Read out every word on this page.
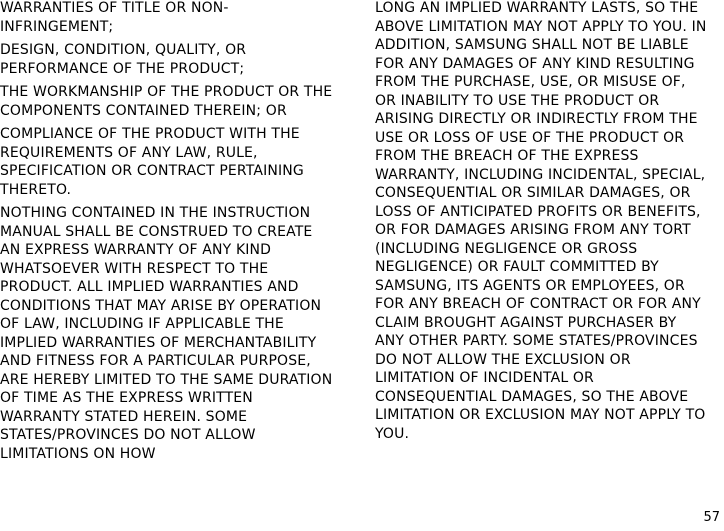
WARRANTIES OF TITLE OR NON-INFRINGEMENT;

DESIGN, CONDITION, QUALITY, OR PERFORMANCE OF THE PRODUCT;

THE WORKMANSHIP OF THE PRODUCT OR THE COMPONENTS CONTAINED THEREIN; OR

COMPLIANCE OF THE PRODUCT WITH THE REQUIREMENTS OF ANY LAW, RULE, SPECIFICATION OR CONTRACT PERTAINING THERETO.

NOTHING CONTAINED IN THE INSTRUCTION MANUAL SHALL BE CONSTRUED TO CREATE AN EXPRESS WARRANTY OF ANY KIND WHATSOEVER WITH RESPECT TO THE PRODUCT. ALL IMPLIED WARRANTIES AND CONDITIONS THAT MAY ARISE BY OPERATION OF LAW, INCLUDING IF APPLICABLE THE IMPLIED WARRANTIES OF MERCHANTABILITY AND FITNESS FOR A PARTICULAR PURPOSE, ARE HEREBY LIMITED TO THE SAME DURATION OF TIME AS THE EXPRESS WRITTEN WARRANTY STATED HEREIN. SOME STATES/PROVINCES DO NOT ALLOW LIMITATIONS ON HOW

LONG AN IMPLIED WARRANTY LASTS, SO THE ABOVE LIMITATION MAY NOT APPLY TO YOU. IN ADDITION, SAMSUNG SHALL NOT BE LIABLE FOR ANY DAMAGES OF ANY KIND RESULTING FROM THE PURCHASE, USE, OR MISUSE OF, OR INABILITY TO USE THE PRODUCT OR ARISING DIRECTLY OR INDIRECTLY FROM THE USE OR LOSS OF USE OF THE PRODUCT OR FROM THE BREACH OF THE EXPRESS WARRANTY, INCLUDING INCIDENTAL, SPECIAL, CONSEQUENTIAL OR SIMILAR DAMAGES, OR LOSS OF ANTICIPATED PROFITS OR BENEFITS, OR FOR DAMAGES ARISING FROM ANY TORT (INCLUDING NEGLIGENCE OR GROSS NEGLIGENCE) OR FAULT COMMITTED BY SAMSUNG, ITS AGENTS OR EMPLOYEES, OR FOR ANY BREACH OF CONTRACT OR FOR ANY CLAIM BROUGHT AGAINST PURCHASER BY ANY OTHER PARTY. SOME STATES/PROVINCES DO NOT ALLOW THE EXCLUSION OR LIMITATION OF INCIDENTAL OR CONSEQUENTIAL DAMAGES, SO THE ABOVE LIMITATION OR EXCLUSION MAY NOT APPLY TO YOU.

57
